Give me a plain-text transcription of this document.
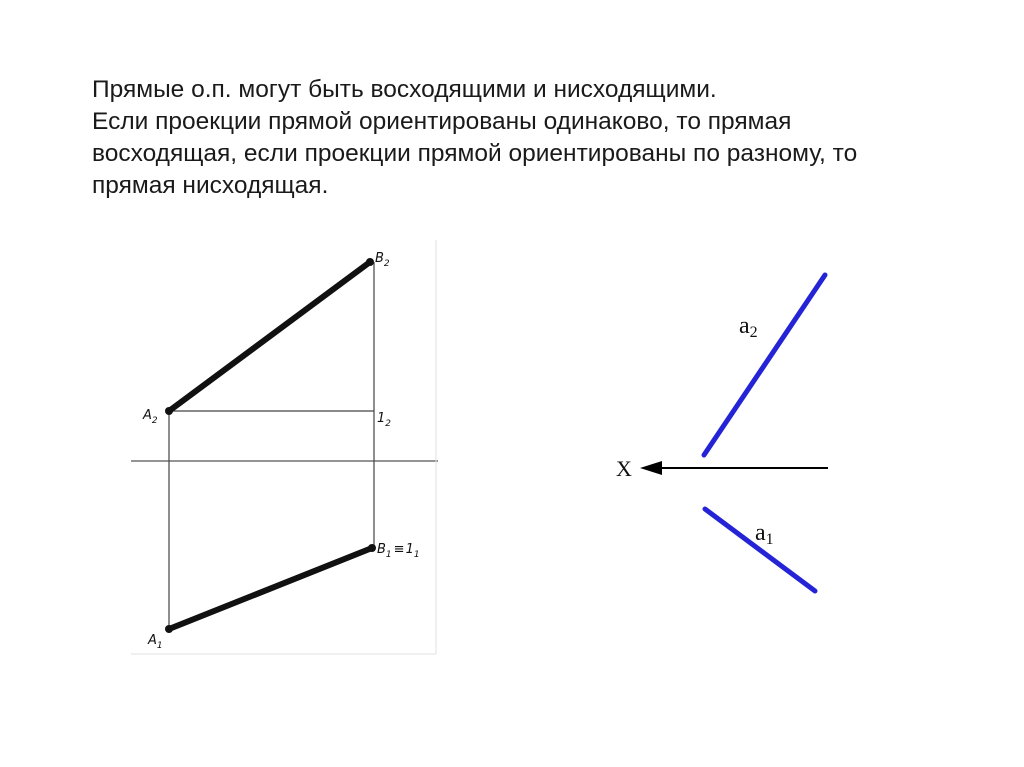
Прямые о.п. могут быть восходящими и нисходящими.

Если проекции прямой ориентированы одинаково, то прямая восходящая, если проекции прямой ориентированы по разному, то прямая нисходящая.

$B_2$
$A_2$	$1_2$
$B_1 \equiv 1_1$
$A_1$
a2
a1
X
